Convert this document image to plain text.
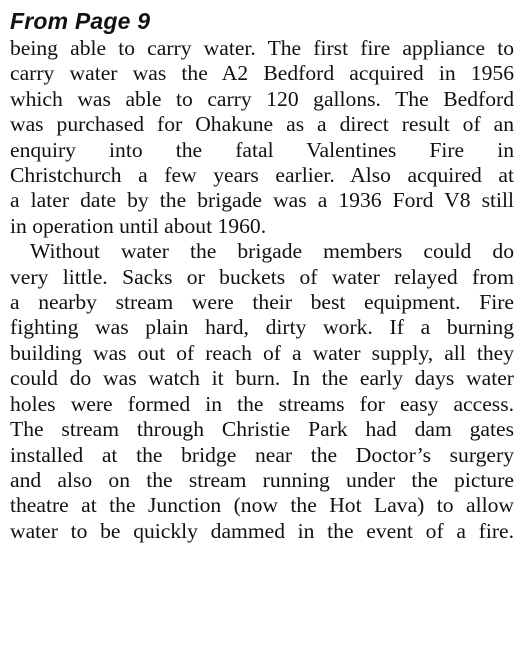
From Page 9
being able to carry water. The first fire appliance to
carry water was the A2 Bedford acquired in 1956
which was able to carry 120 gallons. The Bedford
was purchased for Ohakune as a direct result of an
enquiry into the fatal Valentines Fire in
Christchurch a few years earlier. Also acquired at
a later date by the brigade was a 1936 Ford V8 still
in operation until about 1960.
Without water the brigade members could do
very little. Sacks or buckets of water relayed from
a nearby stream were their best equipment. Fire
fighting was plain hard, dirty work. If a burning
building was out of reach of a water supply, all they
could do was watch it burn. In the early days water
holes were formed in the streams for easy access.
The stream through Christie Park had dam gates
installed at the bridge near the Doctor’s surgery
and also on the stream running under the picture
theatre at the Junction (now the Hot Lava) to allow
water to be quickly dammed in the event of a fire.
